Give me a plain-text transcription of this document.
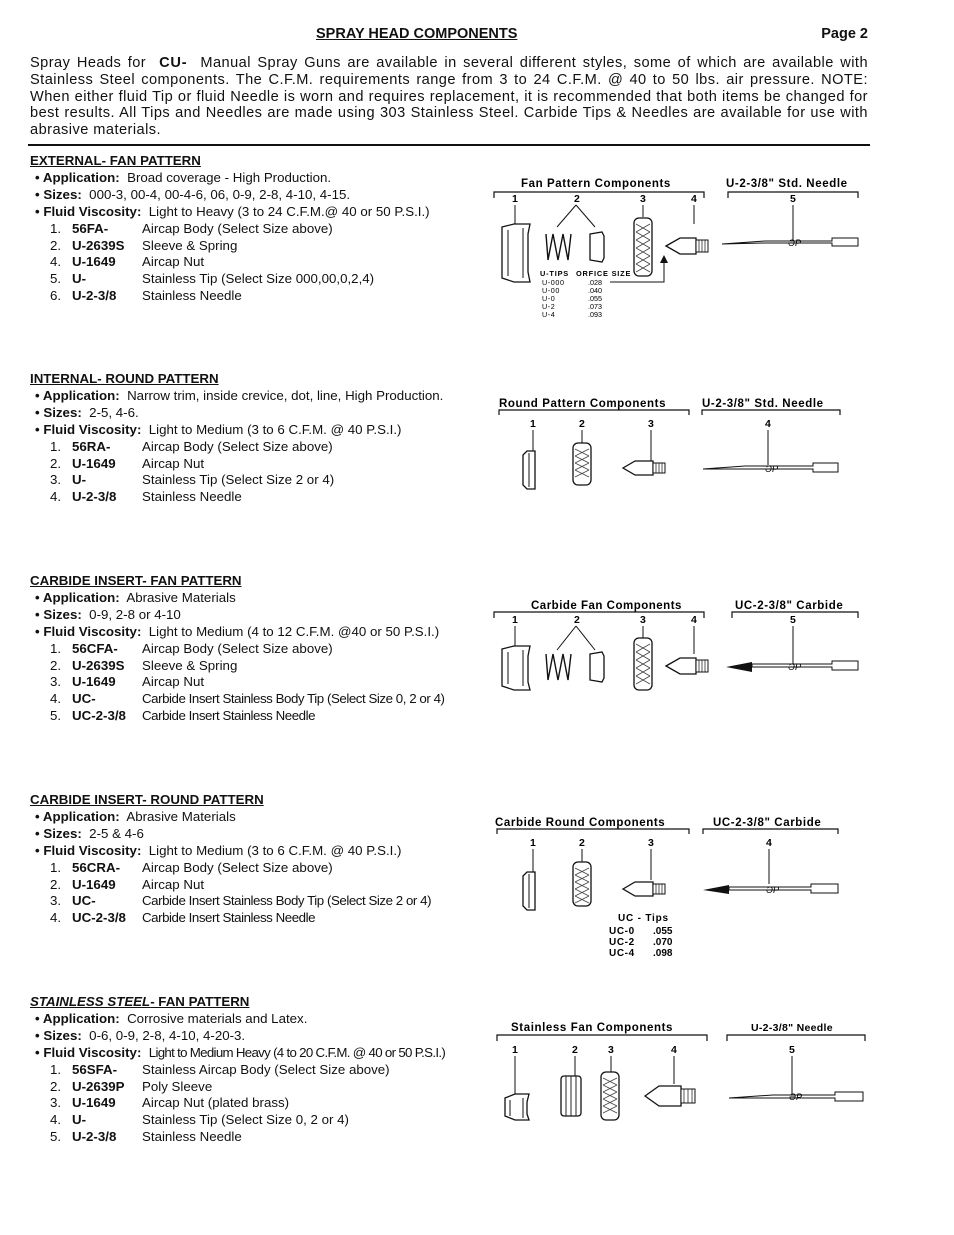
SPRAY HEAD COMPONENTS	Page 2
Spray Heads for CU- Manual Spray Guns are available in several different styles, some of which are available with Stainless Steel components. The C.F.M. requirements range from 3 to 24 C.F.M. @ 40 to 50 lbs. air pressure. NOTE: When either fluid Tip or fluid Needle is worn and requires replacement, it is recommended that both items be changed for best results. All Tips and Needles are made using 303 Stainless Steel. Carbide Tips & Needles are available for use with abrasive materials.
EXTERNAL- FAN PATTERN
• Application: Broad coverage - High Production.
• Sizes: 000-3, 00-4, 00-4-6, 06, 0-9, 2-8, 4-10, 4-15.
• Fluid Viscosity: Light to Heavy (3 to 24 C.F.M.@ 40 or 50 P.S.I.)
1. 56FA-	Aircap Body (Select Size above)
2. U-2639S Sleeve & Spring
4. U-1649 Aircap Nut
5. U-	Stainless Tip (Select Size 000,00,0,2,4)
6. U-2-3/8 Stainless Needle
Fan Pattern Components	U-2-3/8" Std. Needle
1	2	3	4	5
ƏP
U-TIPS ORFICE SIZE
U-000	.028
U-00	.040
U-0	.055
U-2	.073
U-4	.093
INTERNAL- ROUND PATTERN
• Application: Narrow trim, inside crevice, dot, line, High Production.
• Sizes: 2-5, 4-6.
• Fluid Viscosity: Light to Medium (3 to 6 C.F.M. @ 40 P.S.I.)
1. 56RA- Aircap Body (Select Size above)
2. U-1649 Aircap Nut
3. U-	Stainless Tip (Select Size 2 or 4)
4. U-2-3/8 Stainless Needle
Round Pattern Components	U-2-3/8" Std. Needle
1	2	3	4
ƏP
CARBIDE INSERT- FAN PATTERN
• Application: Abrasive Materials
• Sizes: 0-9, 2-8 or 4-10
• Fluid Viscosity: Light to Medium (4 to 12 C.F.M. @40 or 50 P.S.I.)
1. 56CFA- Aircap Body (Select Size above)
2. U-2639S Sleeve & Spring
3. U-1649 Aircap Nut
4. UC-	Carbide Insert Stainless Body Tip (Select Size 0, 2 or 4)
5. UC-2-3/8 Carbide Insert Stainless Needle
Carbide Fan Components	UC-2-3/8" Carbide
1	2	3	4	5
ƏP
CARBIDE INSERT- ROUND PATTERN
• Application: Abrasive Materials
• Sizes: 2-5 & 4-6
• Fluid Viscosity: Light to Medium (3 to 6 C.F.M. @ 40 P.S.I.)
1. 56CRA- Aircap Body (Select Size above)
2. U-1649 Aircap Nut
3. UC-	Carbide Insert Stainless Body Tip (Select Size 2 or 4)
4. UC-2-3/8 Carbide Insert Stainless Needle
Carbide Round Components	UC-2-3/8" Carbide
1	2	3	4
ƏP
UC - Tips
UC-0 .055
UC-2 .070
UC-4 .098
STAINLESS STEEL- FAN PATTERN
• Application: Corrosive materials and Latex.
• Sizes: 0-6, 0-9, 2-8, 4-10, 4-20-3.
• Fluid Viscosity: Light to Medium Heavy (4 to 20 C.F.M. @ 40 or 50 P.S.I.)
1. 56SFA- Stainless Aircap Body (Select Size above)
2. U-2639P Poly Sleeve
3. U-1649 Aircap Nut (plated brass)
4. U-	Stainless Tip (Select Size 0, 2 or 4)
5. U-2-3/8 Stainless Needle
Stainless Fan Components	U-2-3/8" Needle
1	2	3	4	5
ƏP
